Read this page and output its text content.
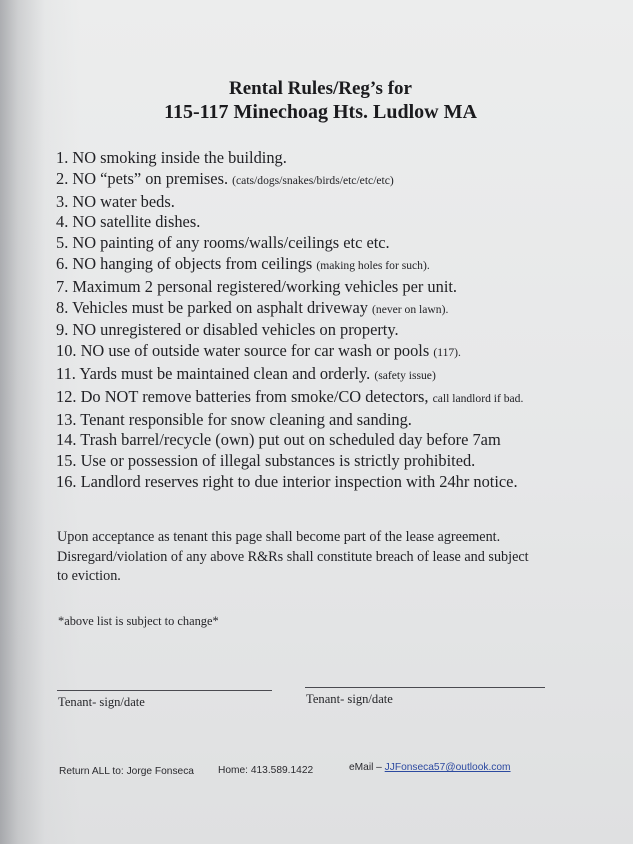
Rental Rules/Reg’s for
115-117 Minechoag Hts. Ludlow MA
1. NO smoking inside the building.
2. NO “pets” on premises. (cats/dogs/snakes/birds/etc/etc/etc)
3. NO water beds.
4. NO satellite dishes.
5. NO painting of any rooms/walls/ceilings etc etc.
6. NO hanging of objects from ceilings (making holes for such).
7. Maximum 2 personal registered/working vehicles per unit.
8. Vehicles must be parked on asphalt driveway (never on lawn).
9. NO unregistered or disabled vehicles on property.
10. NO use of outside water source for car wash or pools (117).
11. Yards must be maintained clean and orderly. (safety issue)
12. Do NOT remove batteries from smoke/CO detectors, call landlord if bad.
13. Tenant responsible for snow cleaning and sanding.
14. Trash barrel/recycle (own) put out on scheduled day before 7am
15. Use or possession of illegal substances is strictly prohibited.
16. Landlord reserves right to due interior inspection with 24hr notice.
Upon acceptance as tenant this page shall become part of the lease agreement.
Disregard/violation of any above R&Rs shall constitute breach of lease and subject
to eviction.
*above list is subject to change*
Tenant- sign/date	Tenant- sign/date
Return ALL to: Jorge Fonseca Home: 413.589.1422	eMail – JJFonseca57@outlook.com
